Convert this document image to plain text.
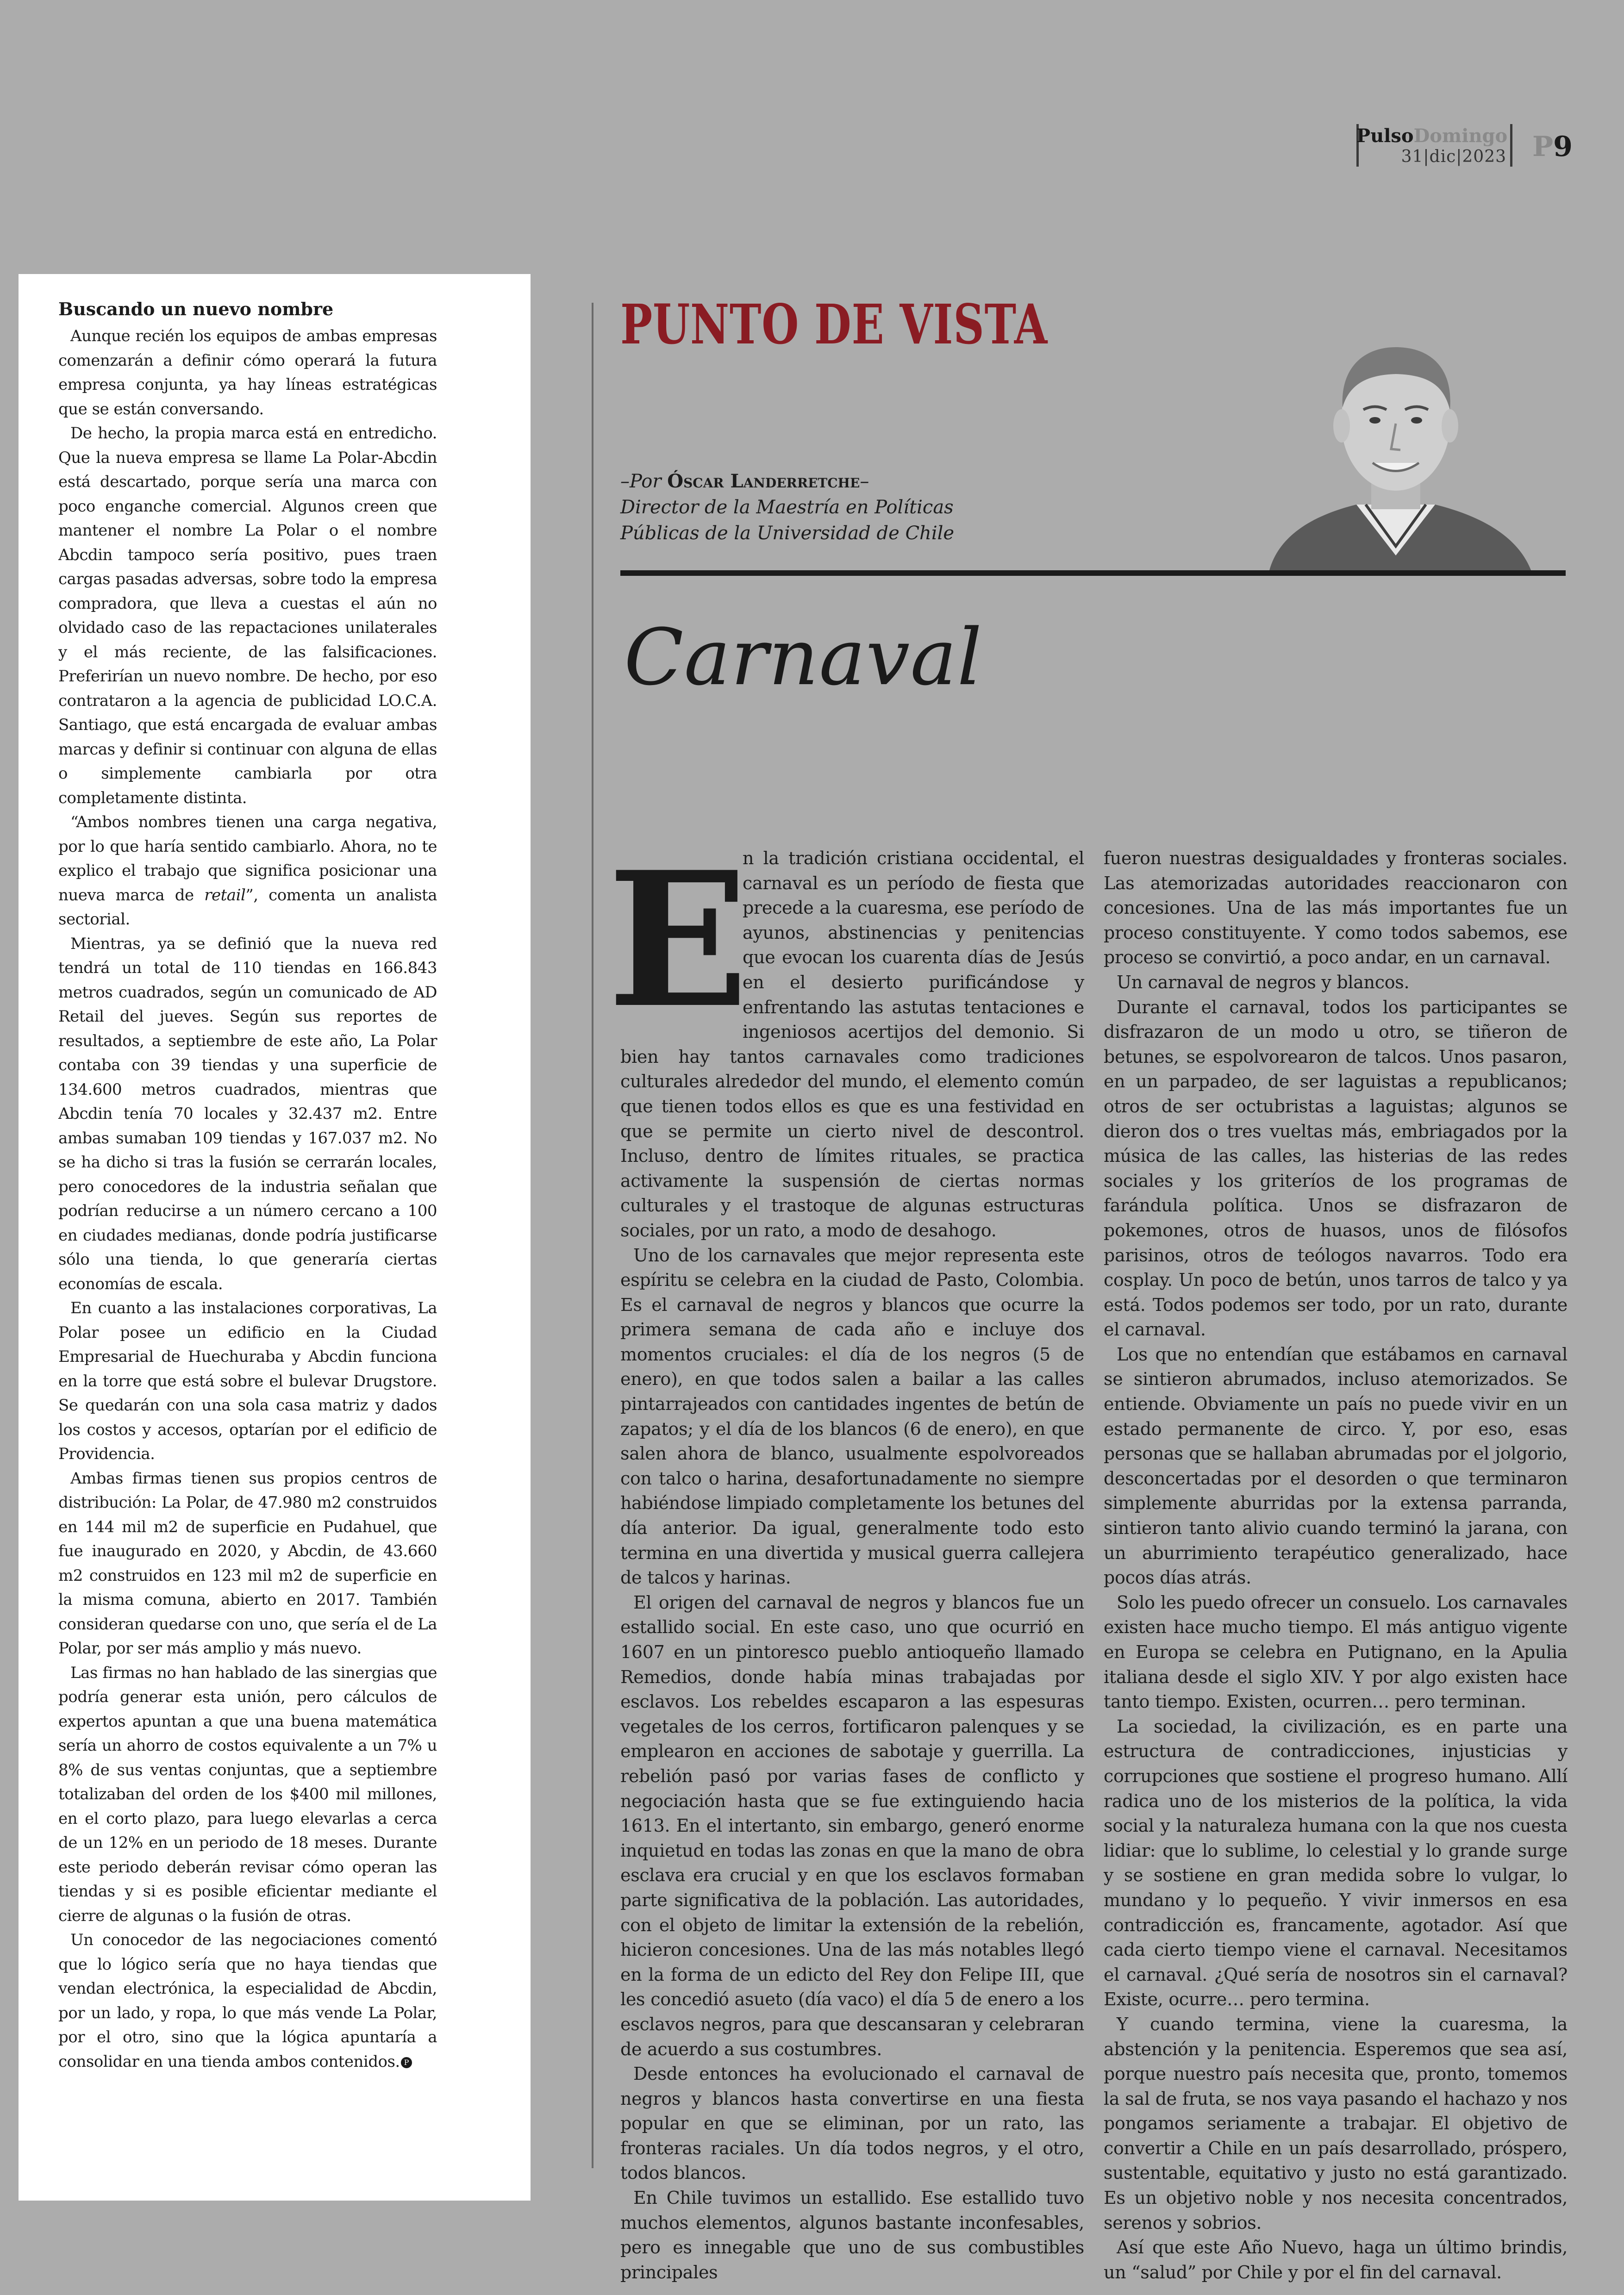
PulsoDomingo
31|dic|2023 P9
Buscando un nuevo nombre

Aunque recién los equipos de ambas empresas comenzarán a definir cómo operará la futura empresa conjunta, ya hay líneas estratégicas que se están conversando.

De hecho, la propia marca está en entredicho. Que la nueva empresa se llame La Polar-Abcdin está descartado, porque sería una marca con poco enganche comercial. Algunos creen que mantener el nombre La Polar o el nombre Abcdin tampoco sería positivo, pues traen cargas pasadas adversas, sobre todo la empresa compradora, que lleva a cuestas el aún no olvidado caso de las repactaciones unilaterales y el más reciente, de las falsificaciones. Preferirían un nuevo nombre. De hecho, por eso contrataron a la agencia de publicidad LO.C.A. Santiago, que está encargada de evaluar ambas marcas y definir si continuar con alguna de ellas o simplemente cambiarla por otra completamente distinta.

“Ambos nombres tienen una carga negativa, por lo que haría sentido cambiarlo. Ahora, no te explico el trabajo que significa posicionar una nueva marca de retail”, comenta un analista sectorial.

Mientras, ya se definió que la nueva red tendrá un total de 110 tiendas en 166.843 metros cuadrados, según un comunicado de AD Retail del jueves. Según sus reportes de resultados, a septiembre de este año, La Polar contaba con 39 tiendas y una superficie de 134.600 metros cuadrados, mientras que Abcdin tenía 70 locales y 32.437 m2. Entre ambas sumaban 109 tiendas y 167.037 m2. No se ha dicho si tras la fusión se cerrarán locales, pero conocedores de la industria señalan que podrían reducirse a un número cercano a 100 en ciudades medianas, donde podría justificarse sólo una tienda, lo que generaría ciertas economías de escala.

En cuanto a las instalaciones corporativas, La Polar posee un edificio en la Ciudad Empresarial de Huechuraba y Abcdin funciona en la torre que está sobre el bulevar Drugstore. Se quedarán con una sola casa matriz y dados los costos y accesos, optarían por el edificio de Providencia.

Ambas firmas tienen sus propios centros de distribución: La Polar, de 47.980 m2 construidos en 144 mil m2 de superficie en Pudahuel, que fue inaugurado en 2020, y Abcdin, de 43.660 m2 construidos en 123 mil m2 de superficie en la misma comuna, abierto en 2017. También consideran quedarse con uno, que sería el de La Polar, por ser más amplio y más nuevo.

Las firmas no han hablado de las sinergias que podría generar esta unión, pero cálculos de expertos apuntan a que una buena matemática sería un ahorro de costos equivalente a un 7% u 8% de sus ventas conjuntas, que a septiembre totalizaban del orden de los $400 mil millones, en el corto plazo, para luego elevarlas a cerca de un 12% en un periodo de 18 meses. Durante este periodo deberán revisar cómo operan las tiendas y si es posible eficientar mediante el cierre de algunas o la fusión de otras.

Un conocedor de las negociaciones comentó que lo lógico sería que no haya tiendas que vendan electrónica, la especialidad de Abcdin, por un lado, y ropa, lo que más vende La Polar, por el otro, sino que la lógica apuntaría a consolidar en una tienda ambos contenidos. P

PUNTO DE VISTA
–Por Óscar Landerretche–
Director de la Maestría en Políticas
Públicas de la Universidad de Chile
Carnaval

E
n la tradición cristiana occidental, el carnaval es un período de fiesta que precede a la cuaresma, ese período de ayunos, abstinencias y penitencias que evocan los cuarenta días de Jesús en el desierto purificándose y enfrentando las astutas tentaciones e ingeniosos acertijos del demonio. Si bien hay tantos carnavales como tradiciones culturales alrededor del mundo, el elemento común que tienen todos ellos es que es una festividad en que se permite un cierto nivel de descontrol. Incluso, dentro de límites rituales, se practica activamente la suspensión de ciertas normas culturales y el trastoque de algunas estructuras sociales, por un rato, a modo de desahogo.

Uno de los carnavales que mejor representa este espíritu se celebra en la ciudad de Pasto, Colombia. Es el carnaval de negros y blancos que ocurre la primera semana de cada año e incluye dos momentos cruciales: el día de los negros (5 de enero), en que todos salen a bailar a las calles pintarrajeados con cantidades ingentes de betún de zapatos; y el día de los blancos (6 de enero), en que salen ahora de blanco, usualmente espolvoreados con talco o harina, desafortunadamente no siempre habiéndose limpiado completamente los betunes del día anterior. Da igual, generalmente todo esto termina en una divertida y musical guerra callejera de talcos y harinas.

El origen del carnaval de negros y blancos fue un estallido social. En este caso, uno que ocurrió en 1607 en un pintoresco pueblo antioqueño llamado Remedios, donde había minas trabajadas por esclavos. Los rebeldes escaparon a las espesuras vegetales de los cerros, fortificaron palenques y se emplearon en acciones de sabotaje y guerrilla. La rebelión pasó por varias fases de conflicto y negociación hasta que se fue extinguiendo hacia 1613. En el intertanto, sin embargo, generó enorme inquietud en todas las zonas en que la mano de obra esclava era crucial y en que los esclavos formaban parte significativa de la población. Las autoridades, con el objeto de limitar la extensión de la rebelión, hicieron concesiones. Una de las más notables llegó en la forma de un edicto del Rey don Felipe III, que les concedió asueto (día vaco) el día 5 de enero a los esclavos negros, para que descansaran y celebraran de acuerdo a sus costumbres.

Desde entonces ha evolucionado el carnaval de negros y blancos hasta convertirse en una fiesta popular en que se eliminan, por un rato, las fronteras raciales. Un día todos negros, y el otro, todos blancos.

En Chile tuvimos un estallido. Ese estallido tuvo muchos elementos, algunos bastante inconfesables, pero es innegable que uno de sus combustibles principales

fueron nuestras desigualdades y fronteras sociales. Las atemorizadas autoridades reaccionaron con concesiones. Una de las más importantes fue un proceso constituyente. Y como todos sabemos, ese proceso se convirtió, a poco andar, en un carnaval.

Un carnaval de negros y blancos.

Durante el carnaval, todos los participantes se disfrazaron de un modo u otro, se tiñeron de betunes, se espolvorearon de talcos. Unos pasaron, en un parpadeo, de ser laguistas a republicanos; otros de ser octubristas a laguistas; algunos se dieron dos o tres vueltas más, embriagados por la música de las calles, las histerias de las redes sociales y los griteríos de los programas de farándula política. Unos se disfrazaron de pokemones, otros de huasos, unos de filósofos parisinos, otros de teólogos navarros. Todo era cosplay. Un poco de betún, unos tarros de talco y ya está. Todos podemos ser todo, por un rato, durante el carnaval.

Los que no entendían que estábamos en carnaval se sintieron abrumados, incluso atemorizados. Se entiende. Obviamente un país no puede vivir en un estado permanente de circo. Y, por eso, esas personas que se hallaban abrumadas por el jolgorio, desconcertadas por el desorden o que terminaron simplemente aburridas por la extensa parranda, sintieron tanto alivio cuando terminó la jarana, con un aburrimiento terapéutico generalizado, hace pocos días atrás.

Solo les puedo ofrecer un consuelo. Los carnavales existen hace mucho tiempo. El más antiguo vigente en Europa se celebra en Putignano, en la Apulia italiana desde el siglo XIV. Y por algo existen hace tanto tiempo. Existen, ocurren… pero terminan.

La sociedad, la civilización, es en parte una estructura de contradicciones, injusticias y corrupciones que sostiene el progreso humano. Allí radica uno de los misterios de la política, la vida social y la naturaleza humana con la que nos cuesta lidiar: que lo sublime, lo celestial y lo grande surge y se sostiene en gran medida sobre lo vulgar, lo mundano y lo pequeño. Y vivir inmersos en esa contradicción es, francamente, agotador. Así que cada cierto tiempo viene el carnaval. Necesitamos el carnaval. ¿Qué sería de nosotros sin el carnaval? Existe, ocurre… pero termina.

Y cuando termina, viene la cuaresma, la abstención y la penitencia. Esperemos que sea así, porque nuestro país necesita que, pronto, tomemos la sal de fruta, se nos vaya pasando el hachazo y nos pongamos seriamente a trabajar. El objetivo de convertir a Chile en un país desarrollado, próspero, sustentable, equitativo y justo no está garantizado. Es un objetivo noble y nos necesita concentrados, serenos y sobrios.

Así que este Año Nuevo, haga un último brindis, un “salud” por Chile y por el fin del carnaval.
